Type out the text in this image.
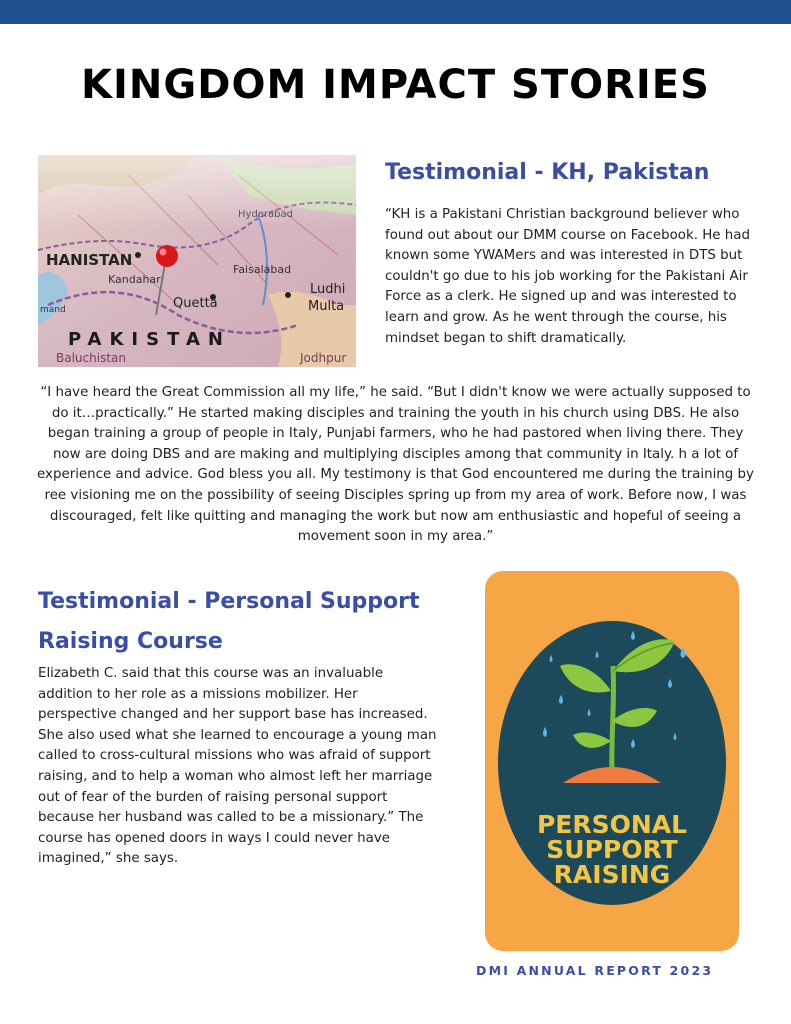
KINGDOM IMPACT STORIES
Testimonial - KH, Pakistan

“KH is a Pakistani Christian background believer who found out about our DMM course on Facebook. He had known some YWAMers and was interested in DTS but couldn't go due to his job working for the Pakistani Air Force as a clerk. He signed up and was interested to learn and grow. As he went through the course, his mindset began to shift dramatically.

“I have heard the Great Commission all my life,” he said. “But I didn't know we were actually supposed to do it…practically.” He started making disciples and training the youth in his church using DBS. He also began training a group of people in Italy, Punjabi farmers, who he had pastored when living there. They now are doing DBS and are making and multiplying disciples among that community in Italy. h a lot of experience and advice. God bless you all. My testimony is that God encountered me during the training by ree visioning me on the possibility of seeing Disciples spring up from my area of work. Before now, I was discouraged, felt like quitting and managing the work but now am enthusiastic and hopeful of seeing a movement soon in my area.”

Testimonial - Personal Support Raising Course

Elizabeth C. said that this course was an invaluable addition to her role as a missions mobilizer. Her perspective changed and her support base has increased. She also used what she learned to encourage a young man called to cross-cultural missions who was afraid of support raising, and to help a woman who almost left her marriage out of fear of the burden of raising personal support because her husband was called to be a missionary.” The course has opened doors in ways I could never have imagined,” she says.

PERSONAL
SUPPORT
RAISING
DMI ANNUAL REPORT 2023
